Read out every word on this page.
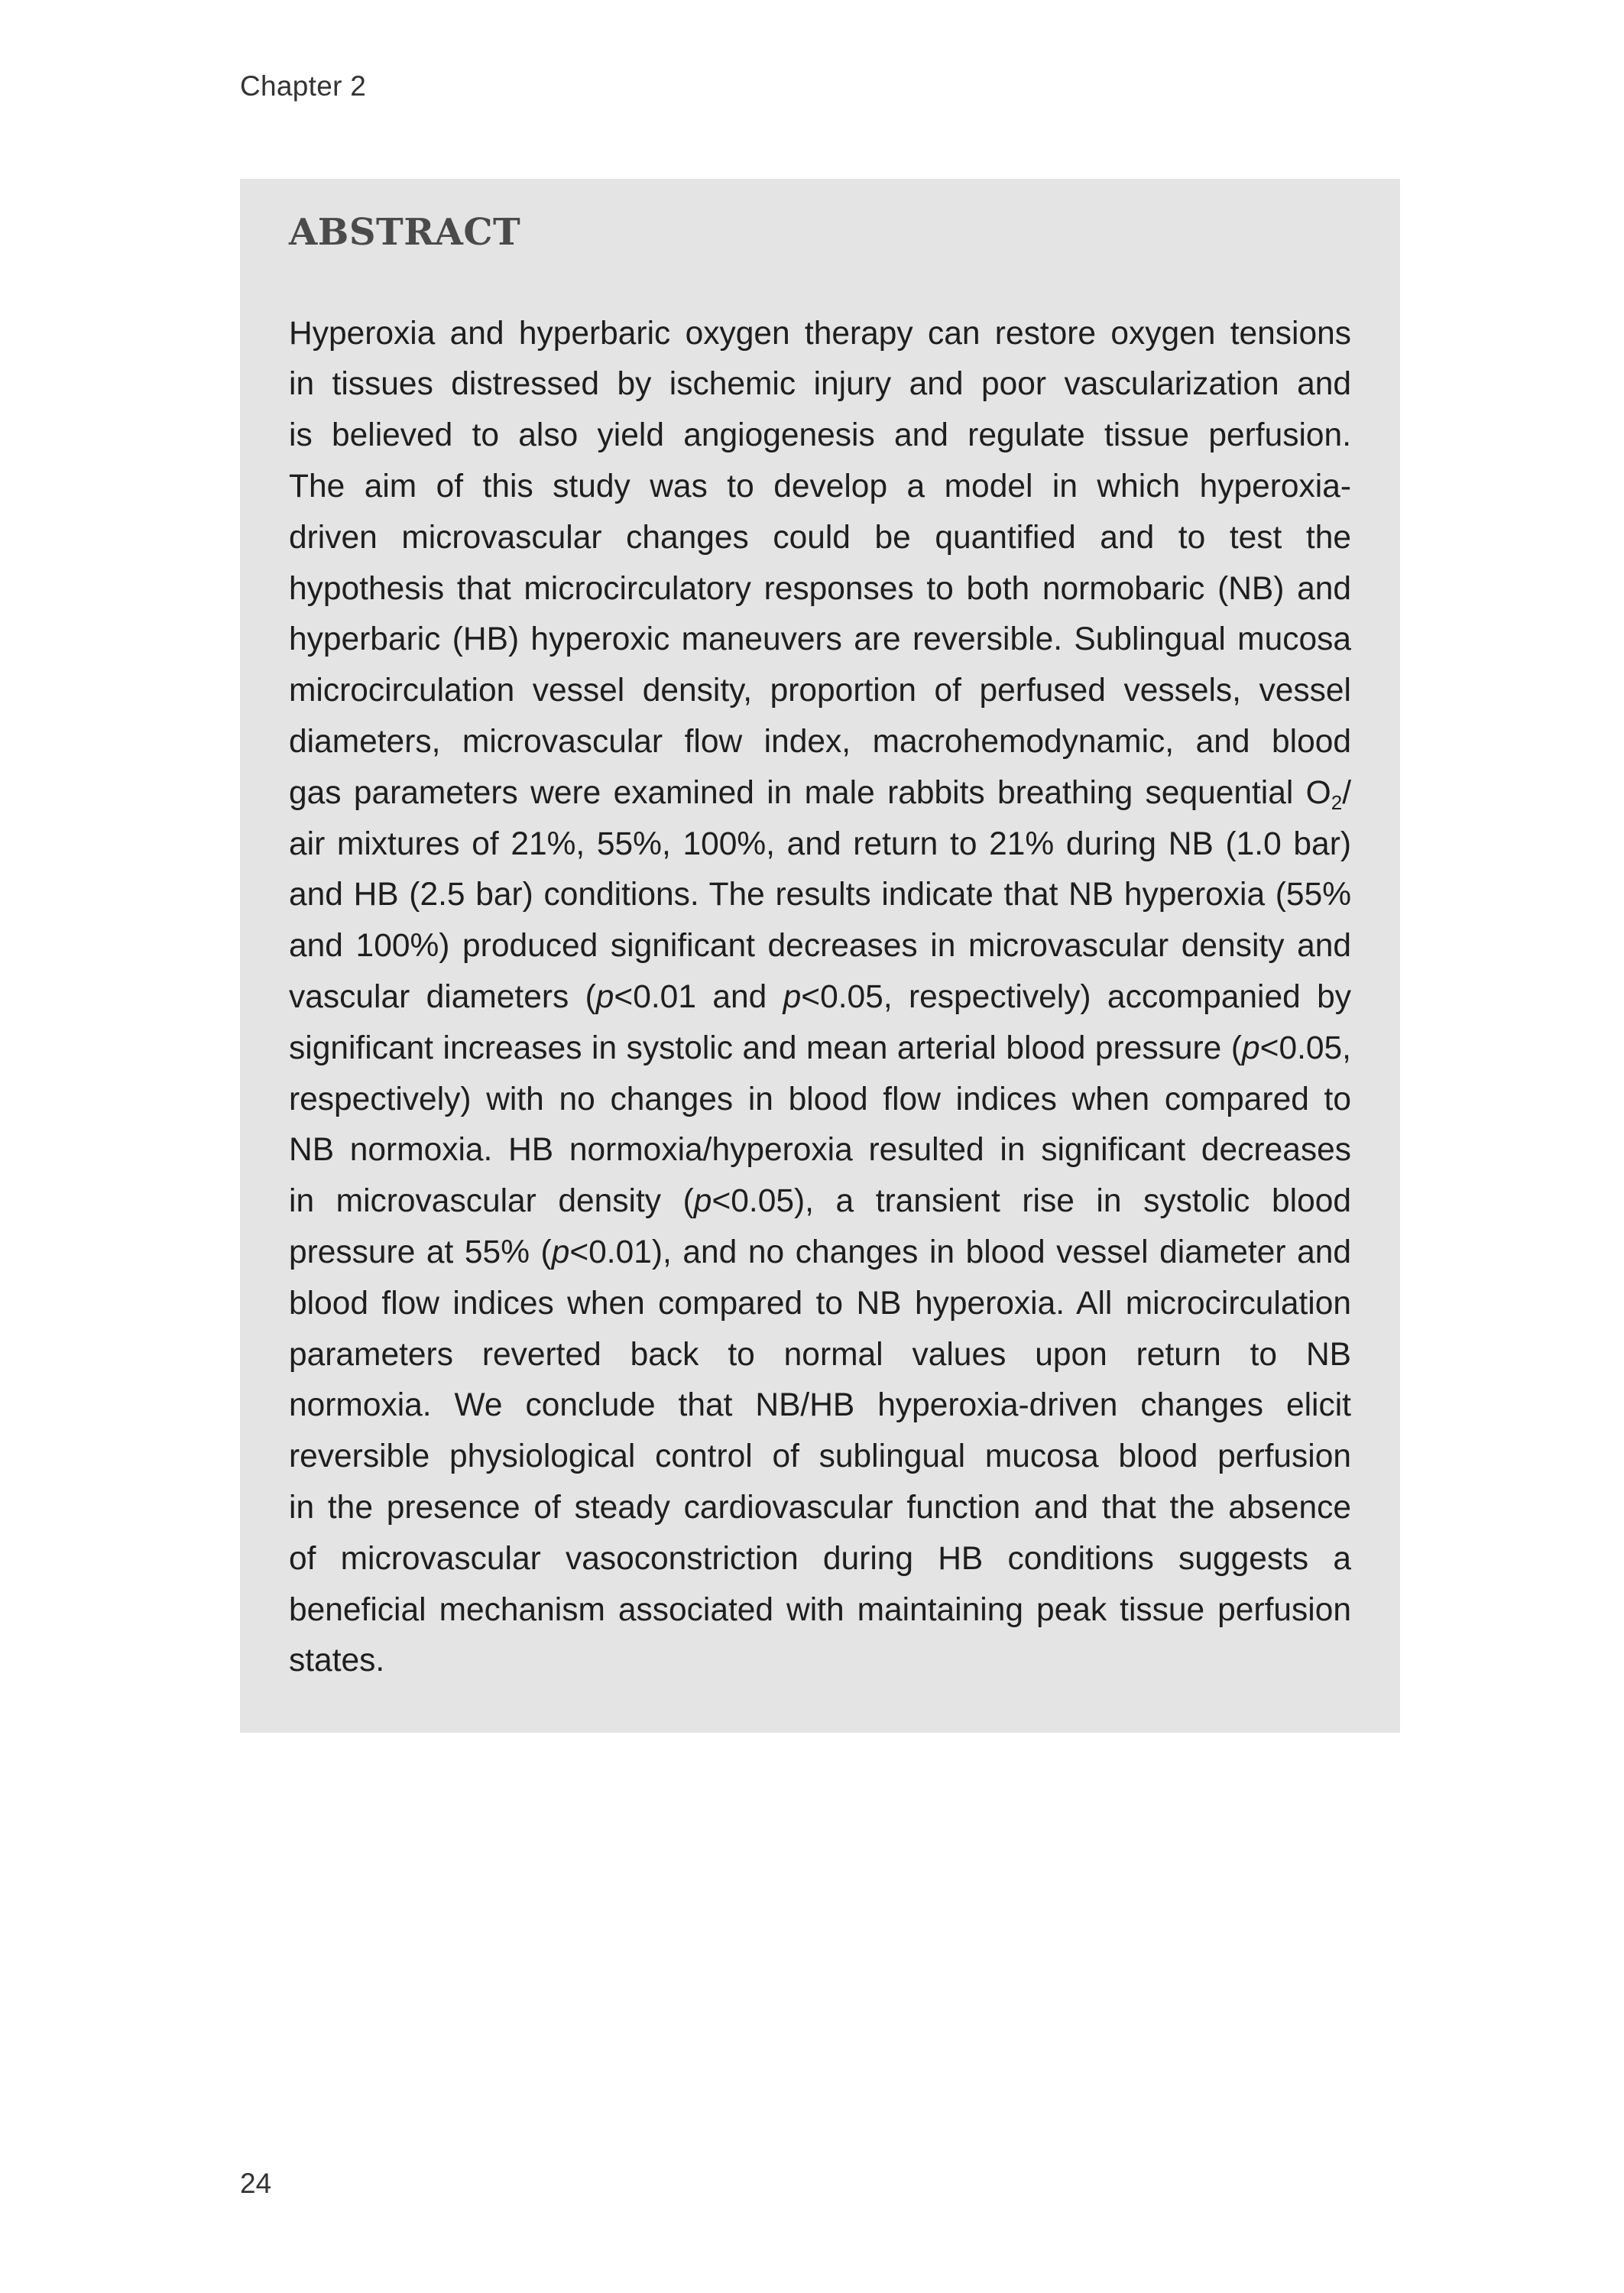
Chapter 2
ABSTRACT
Hyperoxia and hyperbaric oxygen therapy can restore oxygen tensions
in tissues distressed by ischemic injury and poor vascularization and
is believed to also yield angiogenesis and regulate tissue perfusion.
The aim of this study was to develop a model in which hyperoxia-
driven microvascular changes could be quantified and to test the
hypothesis that microcirculatory responses to both normobaric (NB) and
hyperbaric (HB) hyperoxic maneuvers are reversible. Sublingual mucosa
microcirculation vessel density, proportion of perfused vessels, vessel
diameters, microvascular flow index, macrohemodynamic, and blood
gas parameters were examined in male rabbits breathing sequential $O_2/$
air mixtures of 21%, 55%, 100%, and return to 21% during NB (1.0 bar)
and HB (2.5 bar) conditions. The results indicate that NB hyperoxia (55%
and 100%) produced significant decreases in microvascular density and
vascular diameters (p<0.01 and p<0.05, respectively) accompanied by
significant increases in systolic and mean arterial blood pressure (p<0.05,
respectively) with no changes in blood flow indices when compared to
NB normoxia. HB normoxia/hyperoxia resulted in significant decreases
in microvascular density (p<0.05), a transient rise in systolic blood
pressure at 55% (p<0.01), and no changes in blood vessel diameter and
blood flow indices when compared to NB hyperoxia. All microcirculation
parameters reverted back to normal values upon return to NB
normoxia. We conclude that NB/HB hyperoxia-driven changes elicit
reversible physiological control of sublingual mucosa blood perfusion
in the presence of steady cardiovascular function and that the absence
of microvascular vasoconstriction during HB conditions suggests a
beneficial mechanism associated with maintaining peak tissue perfusion
states.
24
